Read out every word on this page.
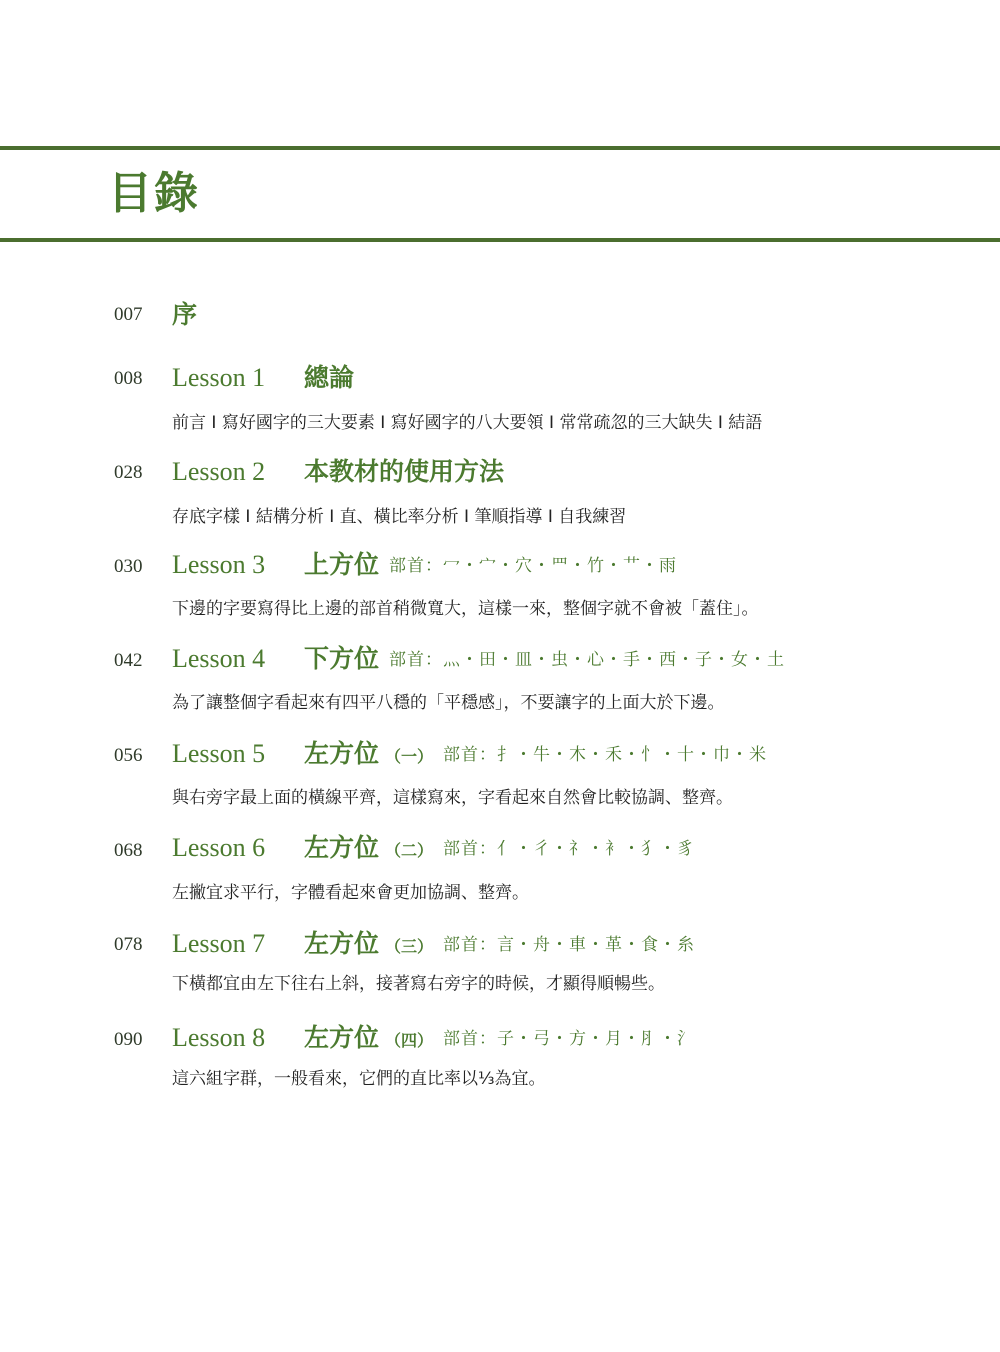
目錄
007 序
008 Lesson 1 總論
前言 I 寫好國字的三大要素 I 寫好國字的八大要領 I 常常疏忽的三大缺失 I 結語
028 Lesson 2 本教材的使用方法
存底字樣 I 結構分析 I 直、橫比率分析 I 筆順指導 I 自我練習
030 Lesson 3 上方位 部首：冖・宀・穴・罒・竹・艹・雨
下邊的字要寫得比上邊的部首稍微寬大，這樣一來，整個字就不會被「蓋住」。
042 Lesson 4 下方位 部首：灬・田・皿・虫・心・手・西・子・女・土
為了讓整個字看起來有四平八穩的「平穩感」，不要讓字的上面大於下邊。
056 Lesson 5 左方位 （一） 部首：扌・牛・木・禾・忄・十・巾・米
與右旁字最上面的橫線平齊，這樣寫來，字看起來自然會比較協調、整齊。
068 Lesson 6 左方位 （二） 部首：亻・彳・礻・衤・犭・豸
左撇宜求平行，字體看起來會更加協調、整齊。
078 Lesson 7 左方位 （三） 部首：言・舟・車・革・食・糸
下橫都宜由左下往右上斜，接著寫右旁字的時候，才顯得順暢些。
090 Lesson 8 左方位 （四） 部首：子・弓・方・月・⺼・氵
這六組字群，一般看來，它們的直比率以⅓為宜。
